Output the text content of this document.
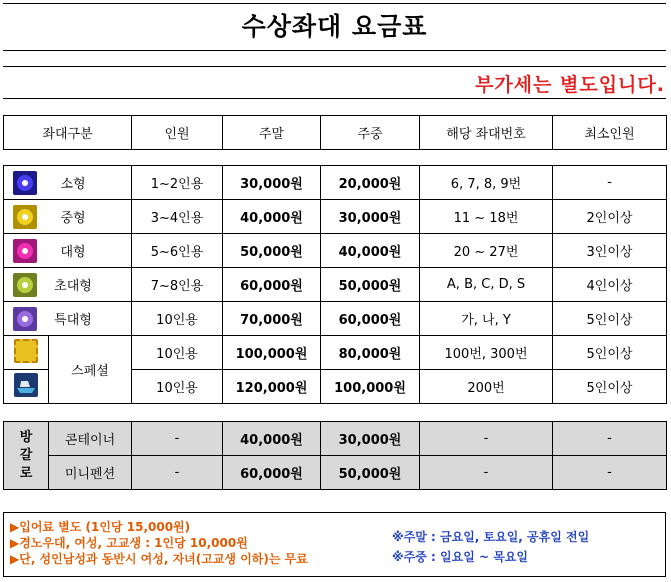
수상좌대 요금표
부가세는 별도입니다.
좌대구분		인원	주말	주중	해당 좌대번호	최소인원

소형		1~2인용	30,000원	20,000원	6, 7, 8, 9번	-

중형		3~4인용	40,000원	30,000원	11 ~ 18번	2인이상

대형		5~6인용	50,000원	40,000원	20 ~ 27번	3인이상

초대형		7~8인용	60,000원	50,000원	A, B, C, D, S	4인이상

특대형		10인용	70,000원	60,000원	가, 나, Y	5인이상
	스페셜	10인용	100,000원	80,000원	100번, 300번	5인이상
	10인용	120,000원	100,000원	200번	5인이상

방
갈
로	콘테이너	-	40,000원	30,000원	-	-
	미니펜션	-	60,000원	50,000원	-	-
▶입어료 별도 (1인당 15,000원)
▶경노우대, 여성, 고교생 : 1인당 10,000원
▶단, 성인남성과 동반시 여성, 자녀(고교생 이하)는 무료
※주말 : 금요일, 토요일, 공휴일 전일
※주중 : 일요일 ~ 목요일
